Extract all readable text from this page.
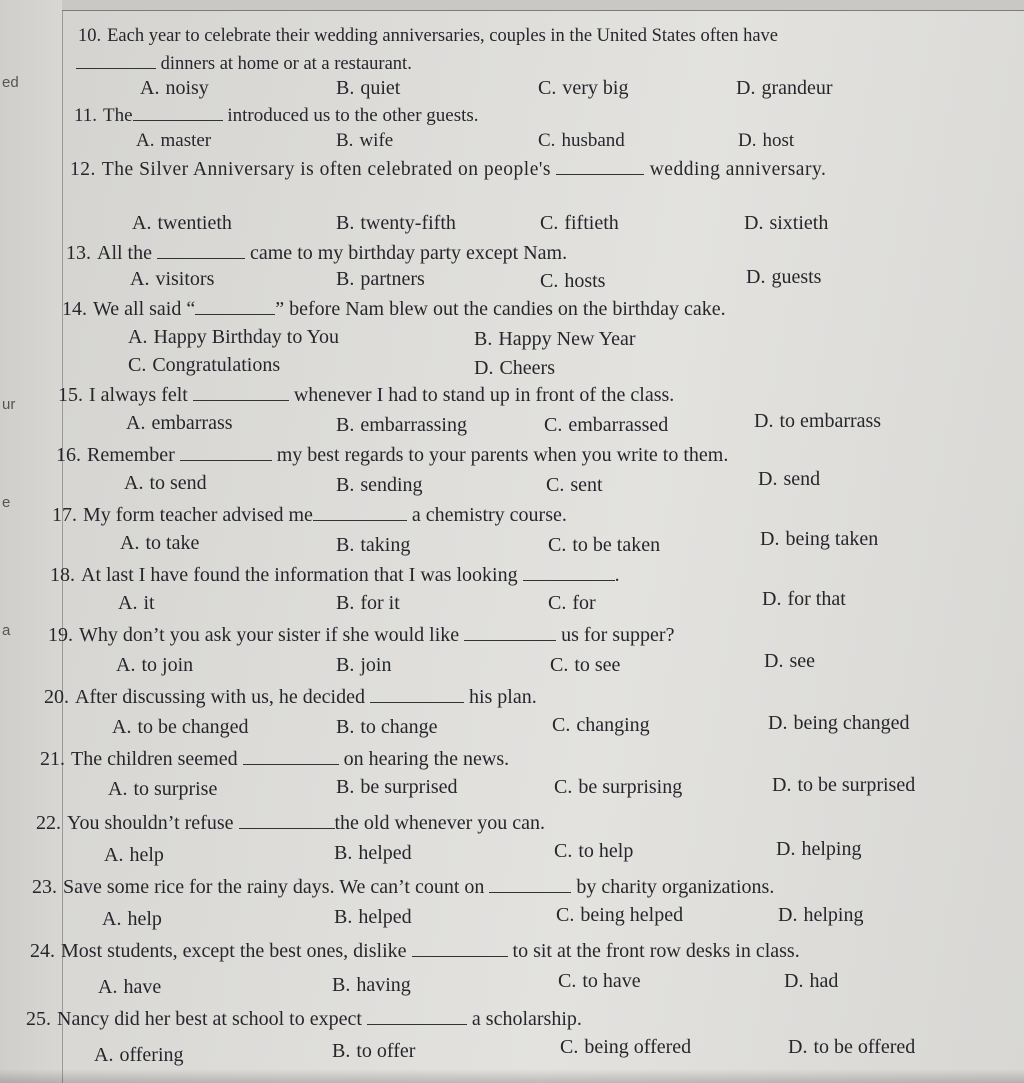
ed
ur
e
a
10. Each year to celebrate their wedding anniversaries, couples in the United States often have
dinners at home or at a restaurant.
A. noisy	B. quiet	C. very big	D. grandeur
11. The	introduced us to the other guests.
A. master	B. wife	C. husband	D. host
12. The Silver Anniversary is often celebrated on people's	wedding anniversary.
A. twentieth	B. twenty-fifth	C. fiftieth	D. sixtieth
13. All the	came to my birthday party except Nam.
A. visitors	B. partners	C. hosts	D. guests
14. We all said “	” before Nam blew out the candies on the birthday cake.
A. Happy Birthday to You	B. Happy New Year
C. Congratulations	D. Cheers
15. I always felt	whenever I had to stand up in front of the class.
A. embarrass	B. embarrassing	C. embarrassed	D. to embarrass
16. Remember	my best regards to your parents when you write to them.
A. to send	B. sending	C. sent	D. send
17. My form teacher advised me	a chemistry course.
A. to take	B. taking	C. to be taken	D. being taken
18. At last I have found the information that I was looking	.
A. it	B. for it	C. for	D. for that
19. Why don’t you ask your sister if she would like	us for supper?
A. to join	B. join	C. to see	D. see
20. After discussing with us, he decided	his plan.
A. to be changed	B. to change	C. changing	D. being changed
21. The children seemed	on hearing the news.
A. to surprise	B. be surprised	C. be surprising	D. to be surprised
22. You shouldn’t refuse	the old whenever you can.
A. help	B. helped	C. to help	D. helping
23. Save some rice for the rainy days. We can’t count on	by charity organizations.
A. help	B. helped	C. being helped	D. helping
24. Most students, except the best ones, dislike	to sit at the front row desks in class.
A. have	B. having	C. to have	D. had
25. Nancy did her best at school to expect	a scholarship.
A. offering	B. to offer	C. being offered	D. to be offered
